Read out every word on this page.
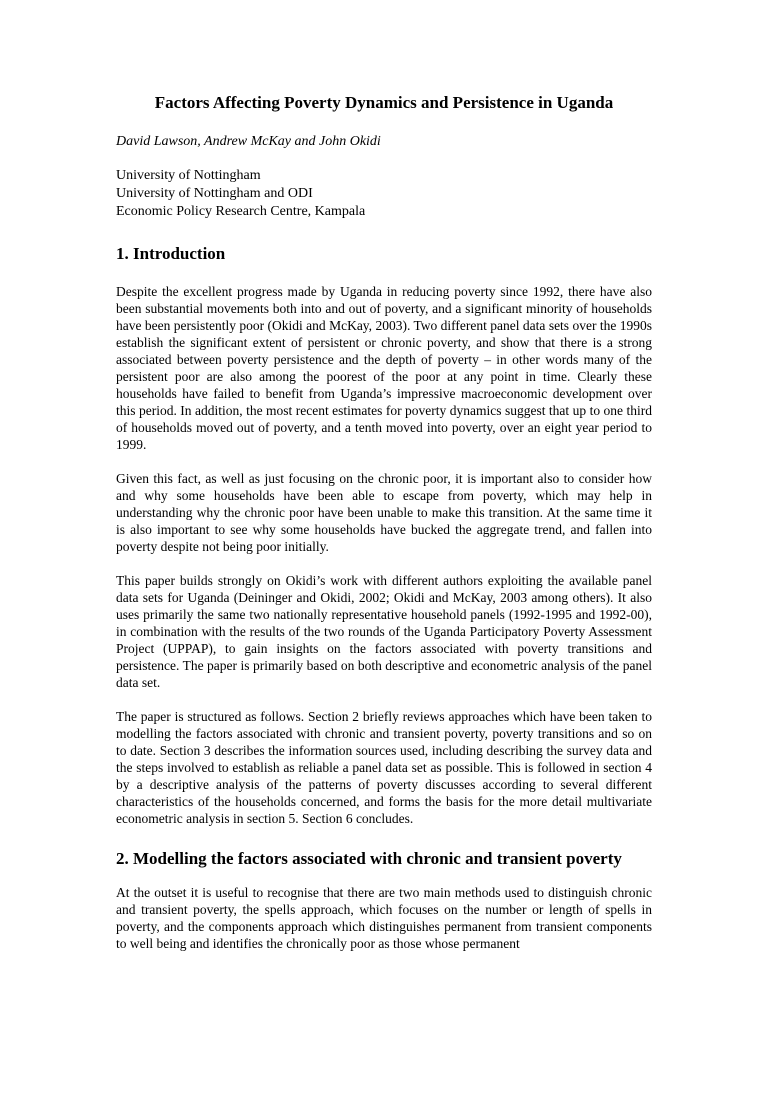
Factors Affecting Poverty Dynamics and Persistence in Uganda
David Lawson, Andrew McKay and John Okidi
University of Nottingham
University of Nottingham and ODI
Economic Policy Research Centre, Kampala
1. Introduction

Despite the excellent progress made by Uganda in reducing poverty since 1992, there have also been substantial movements both into and out of poverty, and a significant minority of households have been persistently poor (Okidi and McKay, 2003). Two different panel data sets over the 1990s establish the significant extent of persistent or chronic poverty, and show that there is a strong associated between poverty persistence and the depth of poverty – in other words many of the persistent poor are also among the poorest of the poor at any point in time. Clearly these households have failed to benefit from Uganda’s impressive macroeconomic development over this period. In addition, the most recent estimates for poverty dynamics suggest that up to one third of households moved out of poverty, and a tenth moved into poverty, over an eight year period to 1999.

Given this fact, as well as just focusing on the chronic poor, it is important also to consider how and why some households have been able to escape from poverty, which may help in understanding why the chronic poor have been unable to make this transition. At the same time it is also important to see why some households have bucked the aggregate trend, and fallen into poverty despite not being poor initially.

This paper builds strongly on Okidi’s work with different authors exploiting the available panel data sets for Uganda (Deininger and Okidi, 2002; Okidi and McKay, 2003 among others). It also uses primarily the same two nationally representative household panels (1992-1995 and 1992-00), in combination with the results of the two rounds of the Uganda Participatory Poverty Assessment Project (UPPAP), to gain insights on the factors associated with poverty transitions and persistence. The paper is primarily based on both descriptive and econometric analysis of the panel data set.

The paper is structured as follows. Section 2 briefly reviews approaches which have been taken to modelling the factors associated with chronic and transient poverty, poverty transitions and so on to date. Section 3 describes the information sources used, including describing the survey data and the steps involved to establish as reliable a panel data set as possible. This is followed in section 4 by a descriptive analysis of the patterns of poverty discusses according to several different characteristics of the households concerned, and forms the basis for the more detail multivariate econometric analysis in section 5. Section 6 concludes.

2. Modelling the factors associated with chronic and transient poverty

At the outset it is useful to recognise that there are two main methods used to distinguish chronic and transient poverty, the spells approach, which focuses on the number or length of spells in poverty, and the components approach which distinguishes permanent from transient components to well being and identifies the chronically poor as those whose permanent
